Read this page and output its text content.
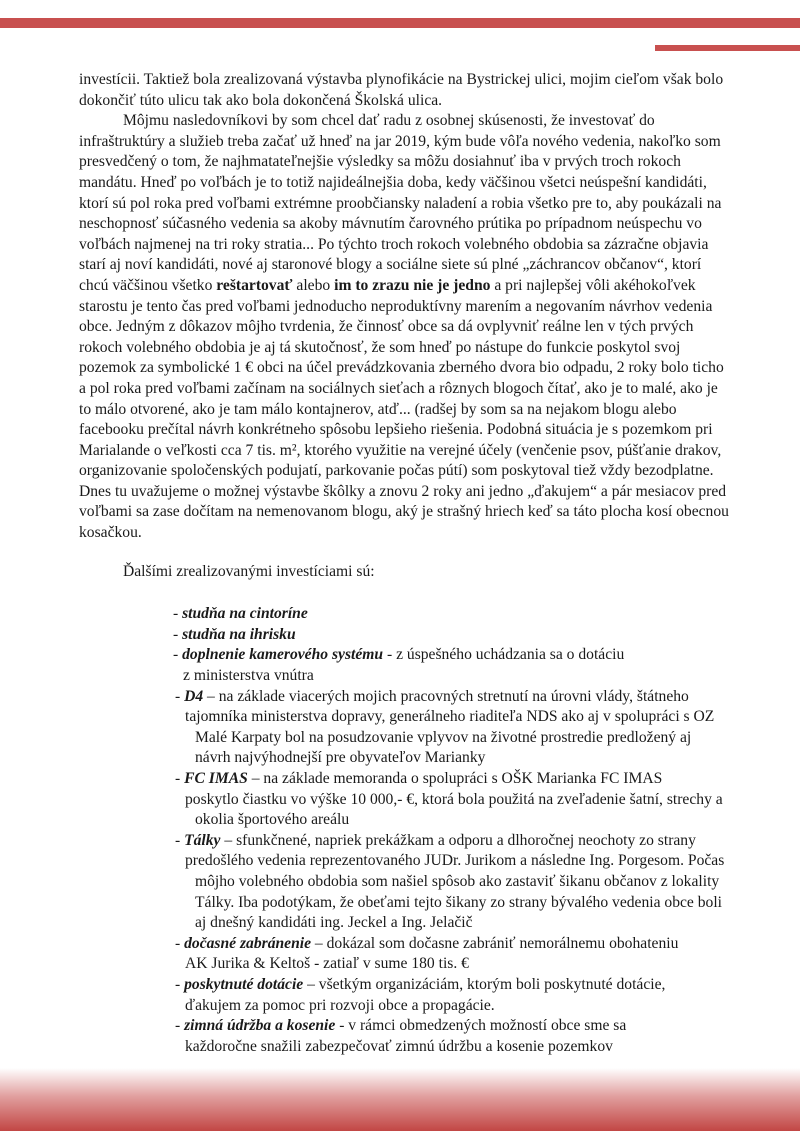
investícii. Taktiež bola zrealizovaná výstavba plynofikácie na Bystrickej ulici, mojim cieľom však bolo dokončiť túto ulicu tak ako bola dokončená Školská ulica.

Môjmu nasledovníkovi by som chcel dať radu z osobnej skúsenosti, že investovať do infraštruktúry a služieb treba začať už hneď na jar 2019, kým bude vôľa nového vedenia, nakoľko som presvedčený o tom, že najhmatateľnejšie výsledky sa môžu dosiahnuť iba v prvých troch rokoch mandátu. Hneď po voľbách je to totiž najideálnejšia doba, kedy väčšinou všetci neúspešní kandidáti, ktorí sú pol roka pred voľbami extrémne proobčiansky naladení a robia všetko pre to, aby poukázali na neschopnosť súčasného vedenia sa akoby mávnutím čarovného prútika po prípadnom neúspechu vo voľbách najmenej na tri roky stratia... Po týchto troch rokoch volebného obdobia sa zázračne objavia starí aj noví kandidáti, nové aj staronové blogy a sociálne siete sú plné „záchrancov občanov“, ktorí chcú väčšinou všetko reštartovať alebo im to zrazu nie je jedno a pri najlepšej vôli akéhokoľvek starostu je tento čas pred voľbami jednoducho neproduktívny marením a negovaním návrhov vedenia obce. Jedným z dôkazov môjho tvrdenia, že činnosť obce sa dá ovplyvniť reálne len v tých prvých rokoch volebného obdobia je aj tá skutočnosť, že som hneď po nástupe do funkcie poskytol svoj pozemok za symbolické 1 € obci na účel prevádzkovania zberného dvora bio odpadu, 2 roky bolo ticho a pol roka pred voľbami začínam na sociálnych sieťach a rôznych blogoch čítať, ako je to malé, ako je to málo otvorené, ako je tam málo kontajnerov, atď... (radšej by som sa na nejakom blogu alebo facebooku prečítal návrh konkrétneho spôsobu lepšieho riešenia. Podobná situácia je s pozemkom pri Marialande o veľkosti cca 7 tis. m², ktorého využitie na verejné účely (venčenie psov, púšťanie drakov, organizovanie spoločenských podujatí, parkovanie počas pútí) som poskytoval tiež vždy bezodplatne. Dnes tu uvažujeme o možnej výstavbe škôlky a znovu 2 roky ani jedno „ďakujem“ a pár mesiacov pred voľbami sa zase dočítam na nemenovanom blogu, aký je strašný hriech keď sa táto plocha kosí obecnou kosačkou.

Ďalšími zrealizovanými investíciami sú:

- studňa na cintoríne
- studňa na ihrisku
- doplnenie kamerového systému - z úspešného uchádzania sa o dotáciu
z ministerstva vnútra
- D4 – na základe viacerých mojich pracovných stretnutí na úrovni vlády, štátneho
tajomníka ministerstva dopravy, generálneho riaditeľa NDS ako aj v spolupráci s OZ Malé Karpaty bol na posudzovanie vplyvov na životné prostredie predložený aj návrh najvýhodnejší pre obyvateľov Marianky
- FC IMAS – na základe memoranda o spolupráci s OŠK Marianka FC IMAS
poskytlo čiastku vo výške 10 000,- €, ktorá bola použitá na zveľadenie šatní, strechy a okolia športového areálu
- Tálky – sfunkčnené, napriek prekážkam a odporu a dlhoročnej neochoty zo strany
predošlého vedenia reprezentovaného JUDr. Jurikom a následne Ing. Porgesom. Počas môjho volebného obdobia som našiel spôsob ako zastaviť šikanu občanov z lokality Tálky. Iba podotýkam, že obeťami tejto šikany zo strany bývalého vedenia obce boli aj dnešný kandidáti ing. Jeckel a Ing. Jelačič
- dočasné zabránenie – dokázal som dočasne zabrániť nemorálnemu obohateniu
AK Jurika & Keltoš - zatiaľ v sume 180 tis. €
- poskytnuté dotácie – všetkým organizáciám, ktorým boli poskytnuté dotácie,
ďakujem za pomoc pri rozvoji obce a propagácie.
- zimná údržba a kosenie - v rámci obmedzených možností obce sme sa
každoročne snažili zabezpečovať zimnú údržbu a kosenie pozemkov
